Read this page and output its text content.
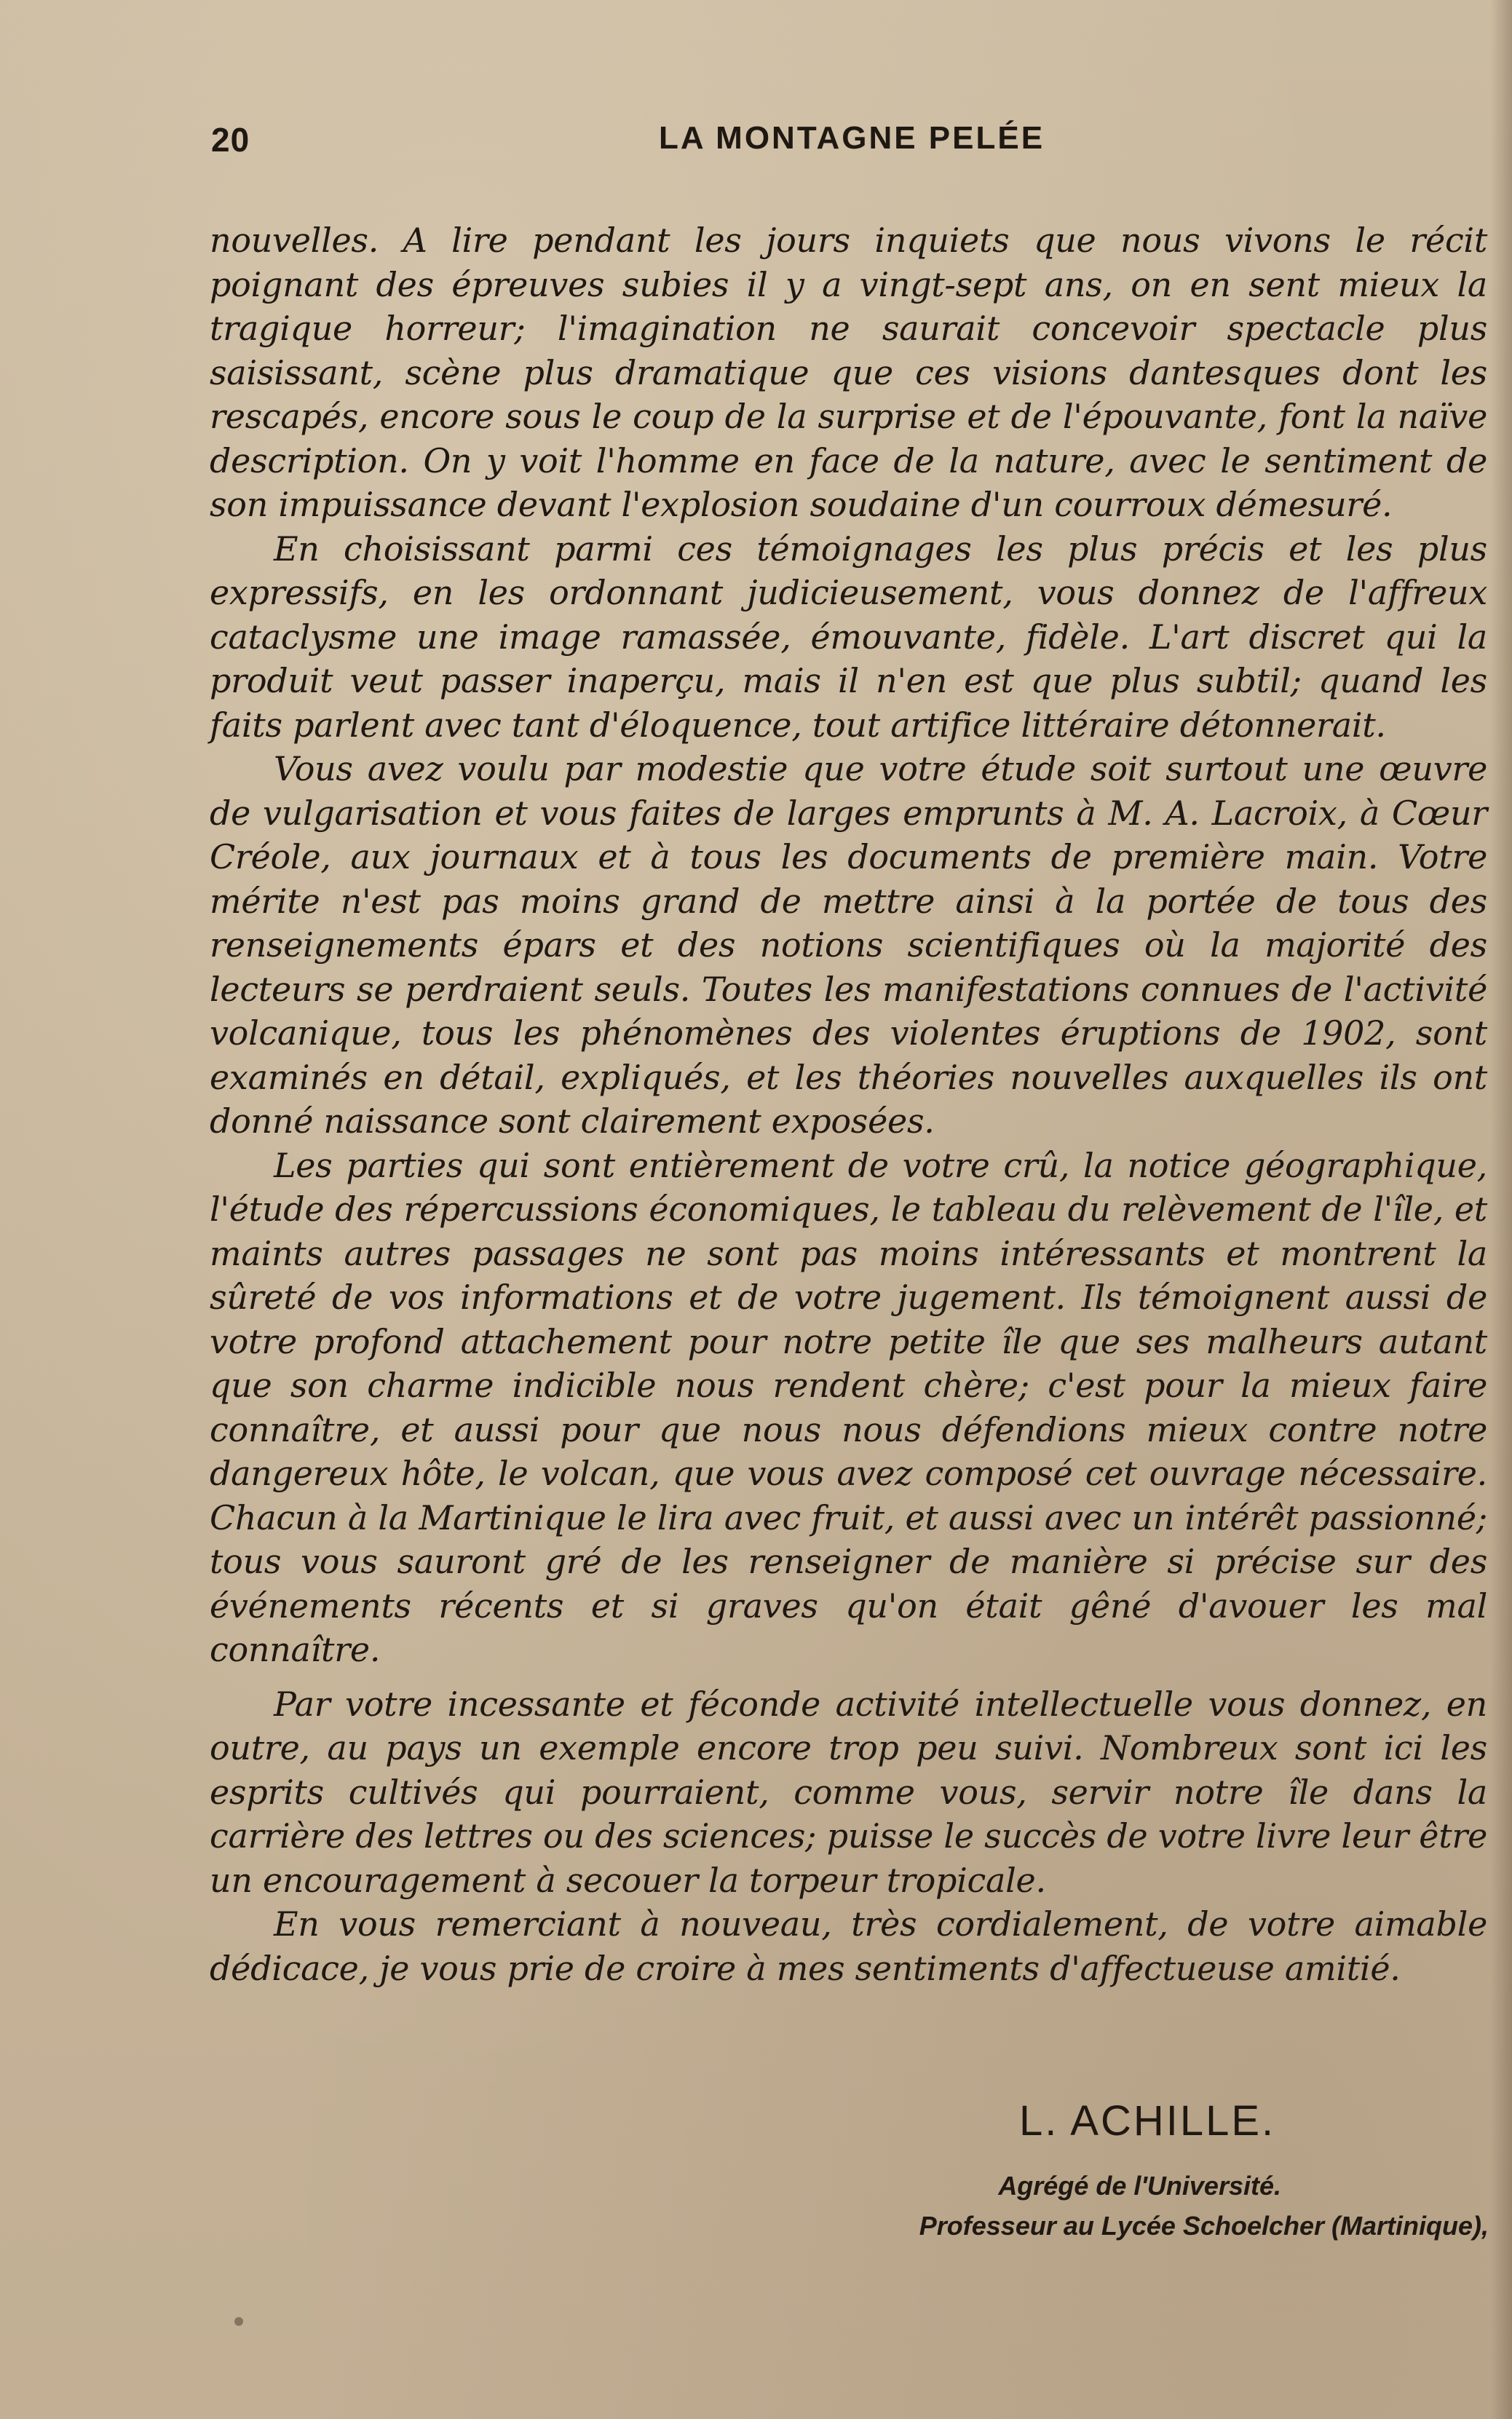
20	LA MONTAGNE PELÉE

nouvelles. A lire pendant les jours inquiets que nous vivons le récit poignant des épreuves subies il y a vingt-sept ans, on en sent mieux la tragique horreur; l'imagination ne saurait concevoir spectacle plus saisissant, scène plus dramatique que ces visions dantesques dont les rescapés, encore sous le coup de la surprise et de l'épouvante, font la naïve description. On y voit l'homme en face de la nature, avec le sentiment de son impuissance devant l'explosion soudaine d'un courroux démesuré.

En choisissant parmi ces témoignages les plus précis et les plus expressifs, en les ordonnant judicieusement, vous donnez de l'affreux cataclysme une image ramassée, émouvante, fidèle. L'art discret qui la produit veut passer inaperçu, mais il n'en est que plus subtil; quand les faits parlent avec tant d'éloquence, tout artifice littéraire détonnerait.

Vous avez voulu par modestie que votre étude soit surtout une œuvre de vulgarisation et vous faites de larges emprunts à M. A. Lacroix, à Cœur Créole, aux journaux et à tous les documents de première main. Votre mérite n'est pas moins grand de mettre ainsi à la portée de tous des renseignements épars et des notions scientifiques où la majorité des lecteurs se perdraient seuls. Toutes les manifestations connues de l'activité volcanique, tous les phénomènes des violentes éruptions de 1902, sont examinés en détail, expliqués, et les théories nouvelles auxquelles ils ont donné naissance sont clairement exposées.

Les parties qui sont entièrement de votre crû, la notice géographique, l'étude des répercussions économiques, le tableau du relèvement de l'île, et maints autres passages ne sont pas moins intéressants et montrent la sûreté de vos informations et de votre jugement. Ils témoignent aussi de votre profond attachement pour notre petite île que ses malheurs autant que son charme indicible nous rendent chère; c'est pour la mieux faire connaître, et aussi pour que nous nous défendions mieux contre notre dangereux hôte, le volcan, que vous avez composé cet ouvrage nécessaire. Chacun à la Martinique le lira avec fruit, et aussi avec un intérêt passionné; tous vous sauront gré de les renseigner de manière si précise sur des événements récents et si graves qu'on était gêné d'avouer les mal connaître.

Par votre incessante et féconde activité intellectuelle vous donnez, en outre, au pays un exemple encore trop peu suivi. Nombreux sont ici les esprits cultivés qui pourraient, comme vous, servir notre île dans la carrière des lettres ou des sciences; puisse le succès de votre livre leur être un encouragement à secouer la torpeur tropicale.

En vous remerciant à nouveau, très cordialement, de votre aimable dédicace, je vous prie de croire à mes sentiments d'affectueuse amitié.

L. ACHILLE.
Agrégé de l'Université.
Professeur au Lycée Schoelcher (Martinique),
